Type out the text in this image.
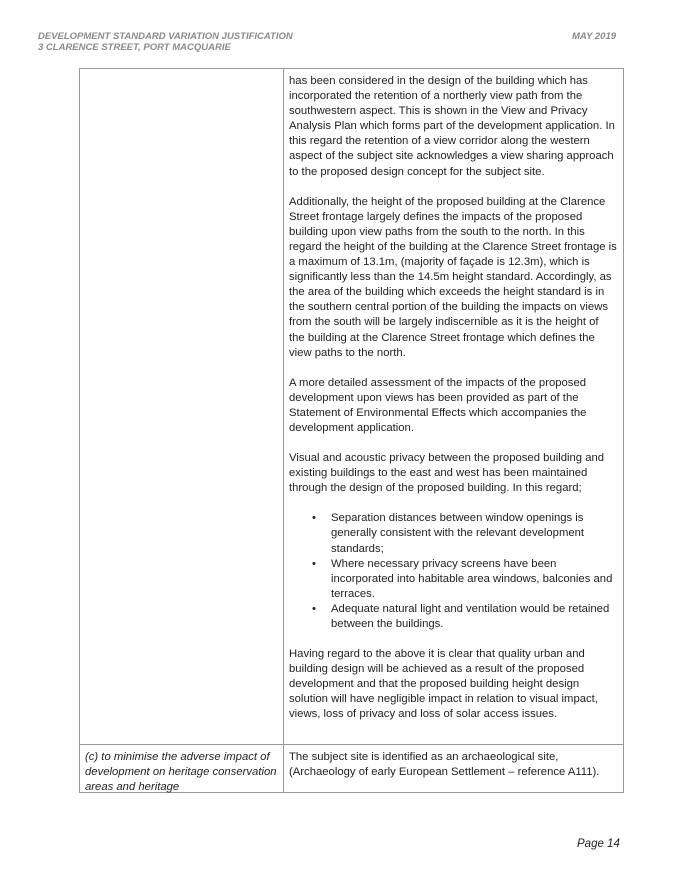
DEVELOPMENT STANDARD VARIATION JUSTIFICATION
3 CLARENCE STREET, PORT MACQUARIE
MAY 2019

has been considered in the design of the building which has incorporated the retention of a northerly view path from the southwestern aspect. This is shown in the View and Privacy Analysis Plan which forms part of the development application. In this regard the retention of a view corridor along the western aspect of the subject site acknowledges a view sharing approach to the proposed design concept for the subject site.

Additionally, the height of the proposed building at the Clarence Street frontage largely defines the impacts of the proposed building upon view paths from the south to the north. In this regard the height of the building at the Clarence Street frontage is a maximum of 13.1m, (majority of façade is 12.3m), which is significantly less than the 14.5m height standard. Accordingly, as the area of the building which exceeds the height standard is in the southern central portion of the building the impacts on views from the south will be largely indiscernible as it is the height of the building at the Clarence Street frontage which defines the view paths to the north.

A more detailed assessment of the impacts of the proposed development upon views has been provided as part of the Statement of Environmental Effects which accompanies the development application.

Visual and acoustic privacy between the proposed building and existing buildings to the east and west has been maintained through the design of the proposed building. In this regard;

• Separation distances between window openings is generally consistent with the relevant development standards;
• Where necessary privacy screens have been incorporated into habitable area windows, balconies and terraces.
• Adequate natural light and ventilation would be retained between the buildings.

Having regard to the above it is clear that quality urban and building design will be achieved as a result of the proposed development and that the proposed building height design solution will have negligible impact in relation to visual impact, views, loss of privacy and loss of solar access issues.

(c) to minimise the adverse impact of development on heritage conservation areas and heritage
The subject site is identified as an archaeological site, (Archaeology of early European Settlement – reference A111).
Page 14
